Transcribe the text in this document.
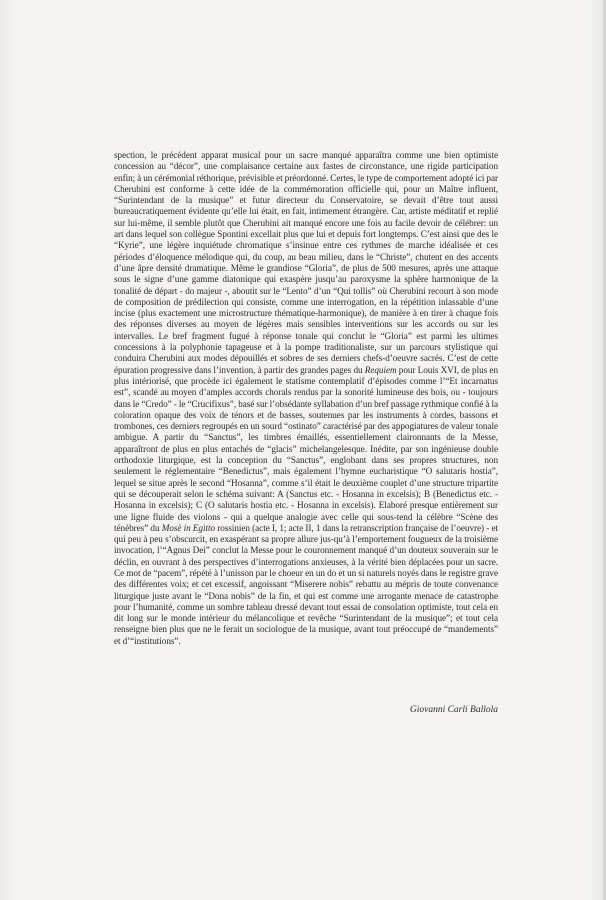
spection, le précédent apparat musical pour un sacre manqué apparaîtra comme une bien optimiste concession au “décor”, une complaisance certaine aux fastes de circonstance, une rigide participation enfin; à un cérémonial réthorique, prévisible et préordonné. Certes, le type de comportement adopté ici par Cherubini est conforme à cette idée de la commémoration officielle qui, pour un Maître influent, “Surintendant de la musique” et futur directeur du Conservatoire, se devait d’être tout aussi bureaucratiquement évidente qu’elle lui était, en fait, intimement étrangère. Car, artiste méditatif et replié sur lui-même, il semble plutôt que Cherubini ait manqué encore une fois au facile devoir de célébrer: un art dans lequel son collègue Spontini excellait plus que lui et depuis fort longtemps. C’est ainsi que des le “Kyrie”, une légère inquiétude chromatique s’insinue entre ces rythmes de marche idéalisée et ces périodes d’éloquence mélodique qui, du coup, au beau milieu, dans le “Christe”, chutent en des accents d’une âpre densité dramatique. Même le grandiose “Gloria”, de plus de 500 mesures, après une attaque sous le signe d’une gamme diatonique qui exaspère jusqu’au paroxysme la sphère harmonique de la tonalité de départ - do majeur -, aboutit sur le “Lento” d’un “Qui tollis” où Cherubini recourt à son mode de composition de prédilection qui consiste, comme une interrogation, en la répétition inlassable d’une incise (plus exactement une microstructure thématique-harmonique), de manière à en tirer à chaque fois des réponses diverses au moyen de légères mais sensibles interventions sur les accords ou sur les intervalles. Le bref fragment fugué à réponse tonale qui conclut le “Gloria” est parmi les ultimes concessions à la polyphonie tapageuse et à la pompe traditionaliste, sur un parcours stylistique qui conduira Cherubini aux modes dépouillés et sobres de ses derniers chefs-d’oeuvre sacrés. C’est de cette épuration progressive dans l’invention, à partir des grandes pages du Requiem pour Louis XVI, de plus en plus intériorisé, que procède ici également le statisme contemplatif d’épisodes comme l’“Et incarnatus est”, scandé au moyen d’amples accords chorals rendus par la sonorité lumineuse des bois, ou - toujours dans le “Credo” - le “Crucifixus”, basé sur l’obsédante syllabation d’un bref passage rythmique confié à la coloration opaque des voix de ténors et de basses, soutenues par les instruments à cordes, bassons et trombones, ces derniers regroupés en un sourd “ostinato” caractérisé par des appogiatures de valeur tonale ambigue. A partir du “Sanctus”, les timbres émaillés, essentiellement claironnants de la Messe, apparaîtront de plus en plus entachés de “glacis” michelangelesque. Inédite, par son ingénieuse double orthodoxie liturgique, est la conception du “Sanctus”, englobant dans ses propres structures, non seulement le réglementaire “Benedictus”, mais également l’hymne eucharistique “O salutaris hostia”, lequel se situe après le second “Hosanna”, comme s’il était le deuxième couplet d’une structure tripartite qui se découperait selon le schéma suivant: A (Sanctus etc. - Hosanna in excelsis); B (Benedictus etc. - Hosanna in excelsis); C (O salutaris hostia etc. - Hosanna in excelsis). Elaboré presque entièrement sur une ligne fluide des violons - qui a quelque analogie avec celle qui sous-tend la célèbre “Scène des ténèbres” du Mosè in Egitto rossinien (acte I, 1; acte II, 1 dans la retranscription française de l’oeuvre) - et qui peu à peu s’obscurcit, en exaspérant sa propre allure jus-qu’à l’emportement fougueux de la troisième invocation, l’“Agnus Dei” conclut la Messe pour le couronnement manqué d’un douteux souverain sur le déclin, en ouvrant à des perspectives d’interrogations anxieuses, à la vérité bien déplacées pour un sacre. Ce mot de “pacem”, répété à l’unisson par le choeur en un do et un si naturels noyés dans le registre grave des différentes voix; et cet excessif, angoissant “Miserere nobis” rebattu au mépris de toute convenance liturgique juste avant le “Dona nobis” de la fin, et qui est comme une arrogante menace de catastrophe pour l’humanité, comme un sombre tableau dressé devant tout essai de consolation optimiste, tout cela en dit long sur le monde intérieur du mélancolique et revêche “Surintendant de la musique”; et tout cela renseigne bien plus que ne le ferait un sociologue de la musique, avant tout préoccupé de “mandements” et d’“institutions”.
Giovanni Carli Ballola
